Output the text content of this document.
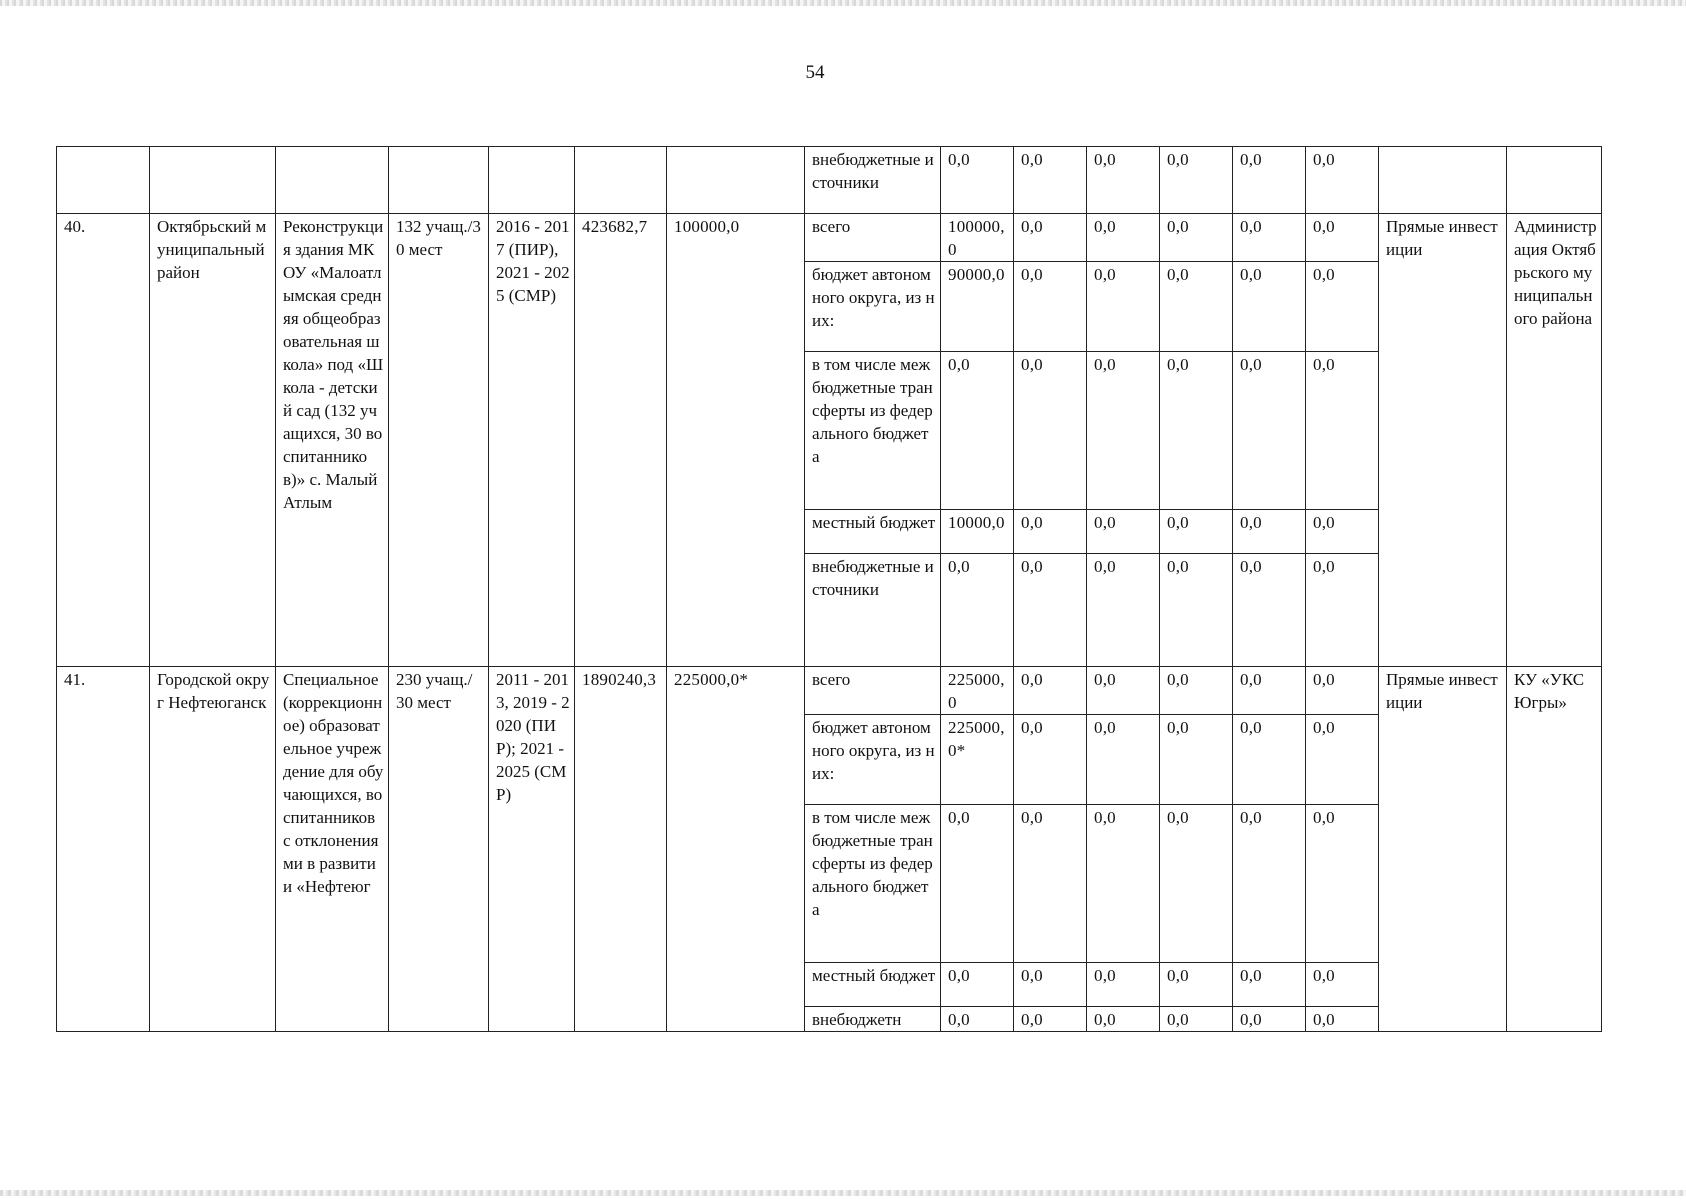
54
							внебюджетные источники	0,0	0,0	0,0	0,0	0,0	0,0		
40.	Октябрьский муниципальный район	Реконструкция здания МКОУ «Малоатлымская средняя общеобразовательная школа» под «Школа - детский сад (132 учащихся, 30 воспитанников)» с. Малый Атлым	132 учащ./30 мест	2016 - 2017 (ПИР), 2021 - 2025 (СМР)	423682,7	100000,0	всего	100000,0	0,0	0,0	0,0	0,0	0,0	Прямые инвестиции	Администрация Октябрьского муниципального района
							бюджет автономного округа, из них:	90000,0	0,0	0,0	0,0	0,0	0,0		
							в том числе межбюджетные трансферты из федерального бюджета	0,0	0,0	0,0	0,0	0,0	0,0		
							местный бюджет	10000,0	0,0	0,0	0,0	0,0	0,0		
							внебюджетные источники	0,0	0,0	0,0	0,0	0,0	0,0		
41.	Городской округ Нефтеюганск	Специальное (коррекционное) образовательное учреждение для обучающихся, воспитанников с отклонениями в развитии «Нефтеюг	230 учащ./ 30 мест	2011 - 2013, 2019 - 2020 (ПИР); 2021 - 2025 (СМР)	1890240,3	225000,0*	всего	225000,0	0,0	0,0	0,0	0,0	0,0	Прямые инвестиции	КУ «УКС Югры»
							бюджет автономного округа, из них:	225000,0*	0,0	0,0	0,0	0,0	0,0		
							в том числе межбюджетные трансферты из федерального бюджета	0,0	0,0	0,0	0,0	0,0	0,0		
							местный бюджет	0,0	0,0	0,0	0,0	0,0	0,0		
							внебюджетн	0,0	0,0	0,0	0,0	0,0	0,0		
